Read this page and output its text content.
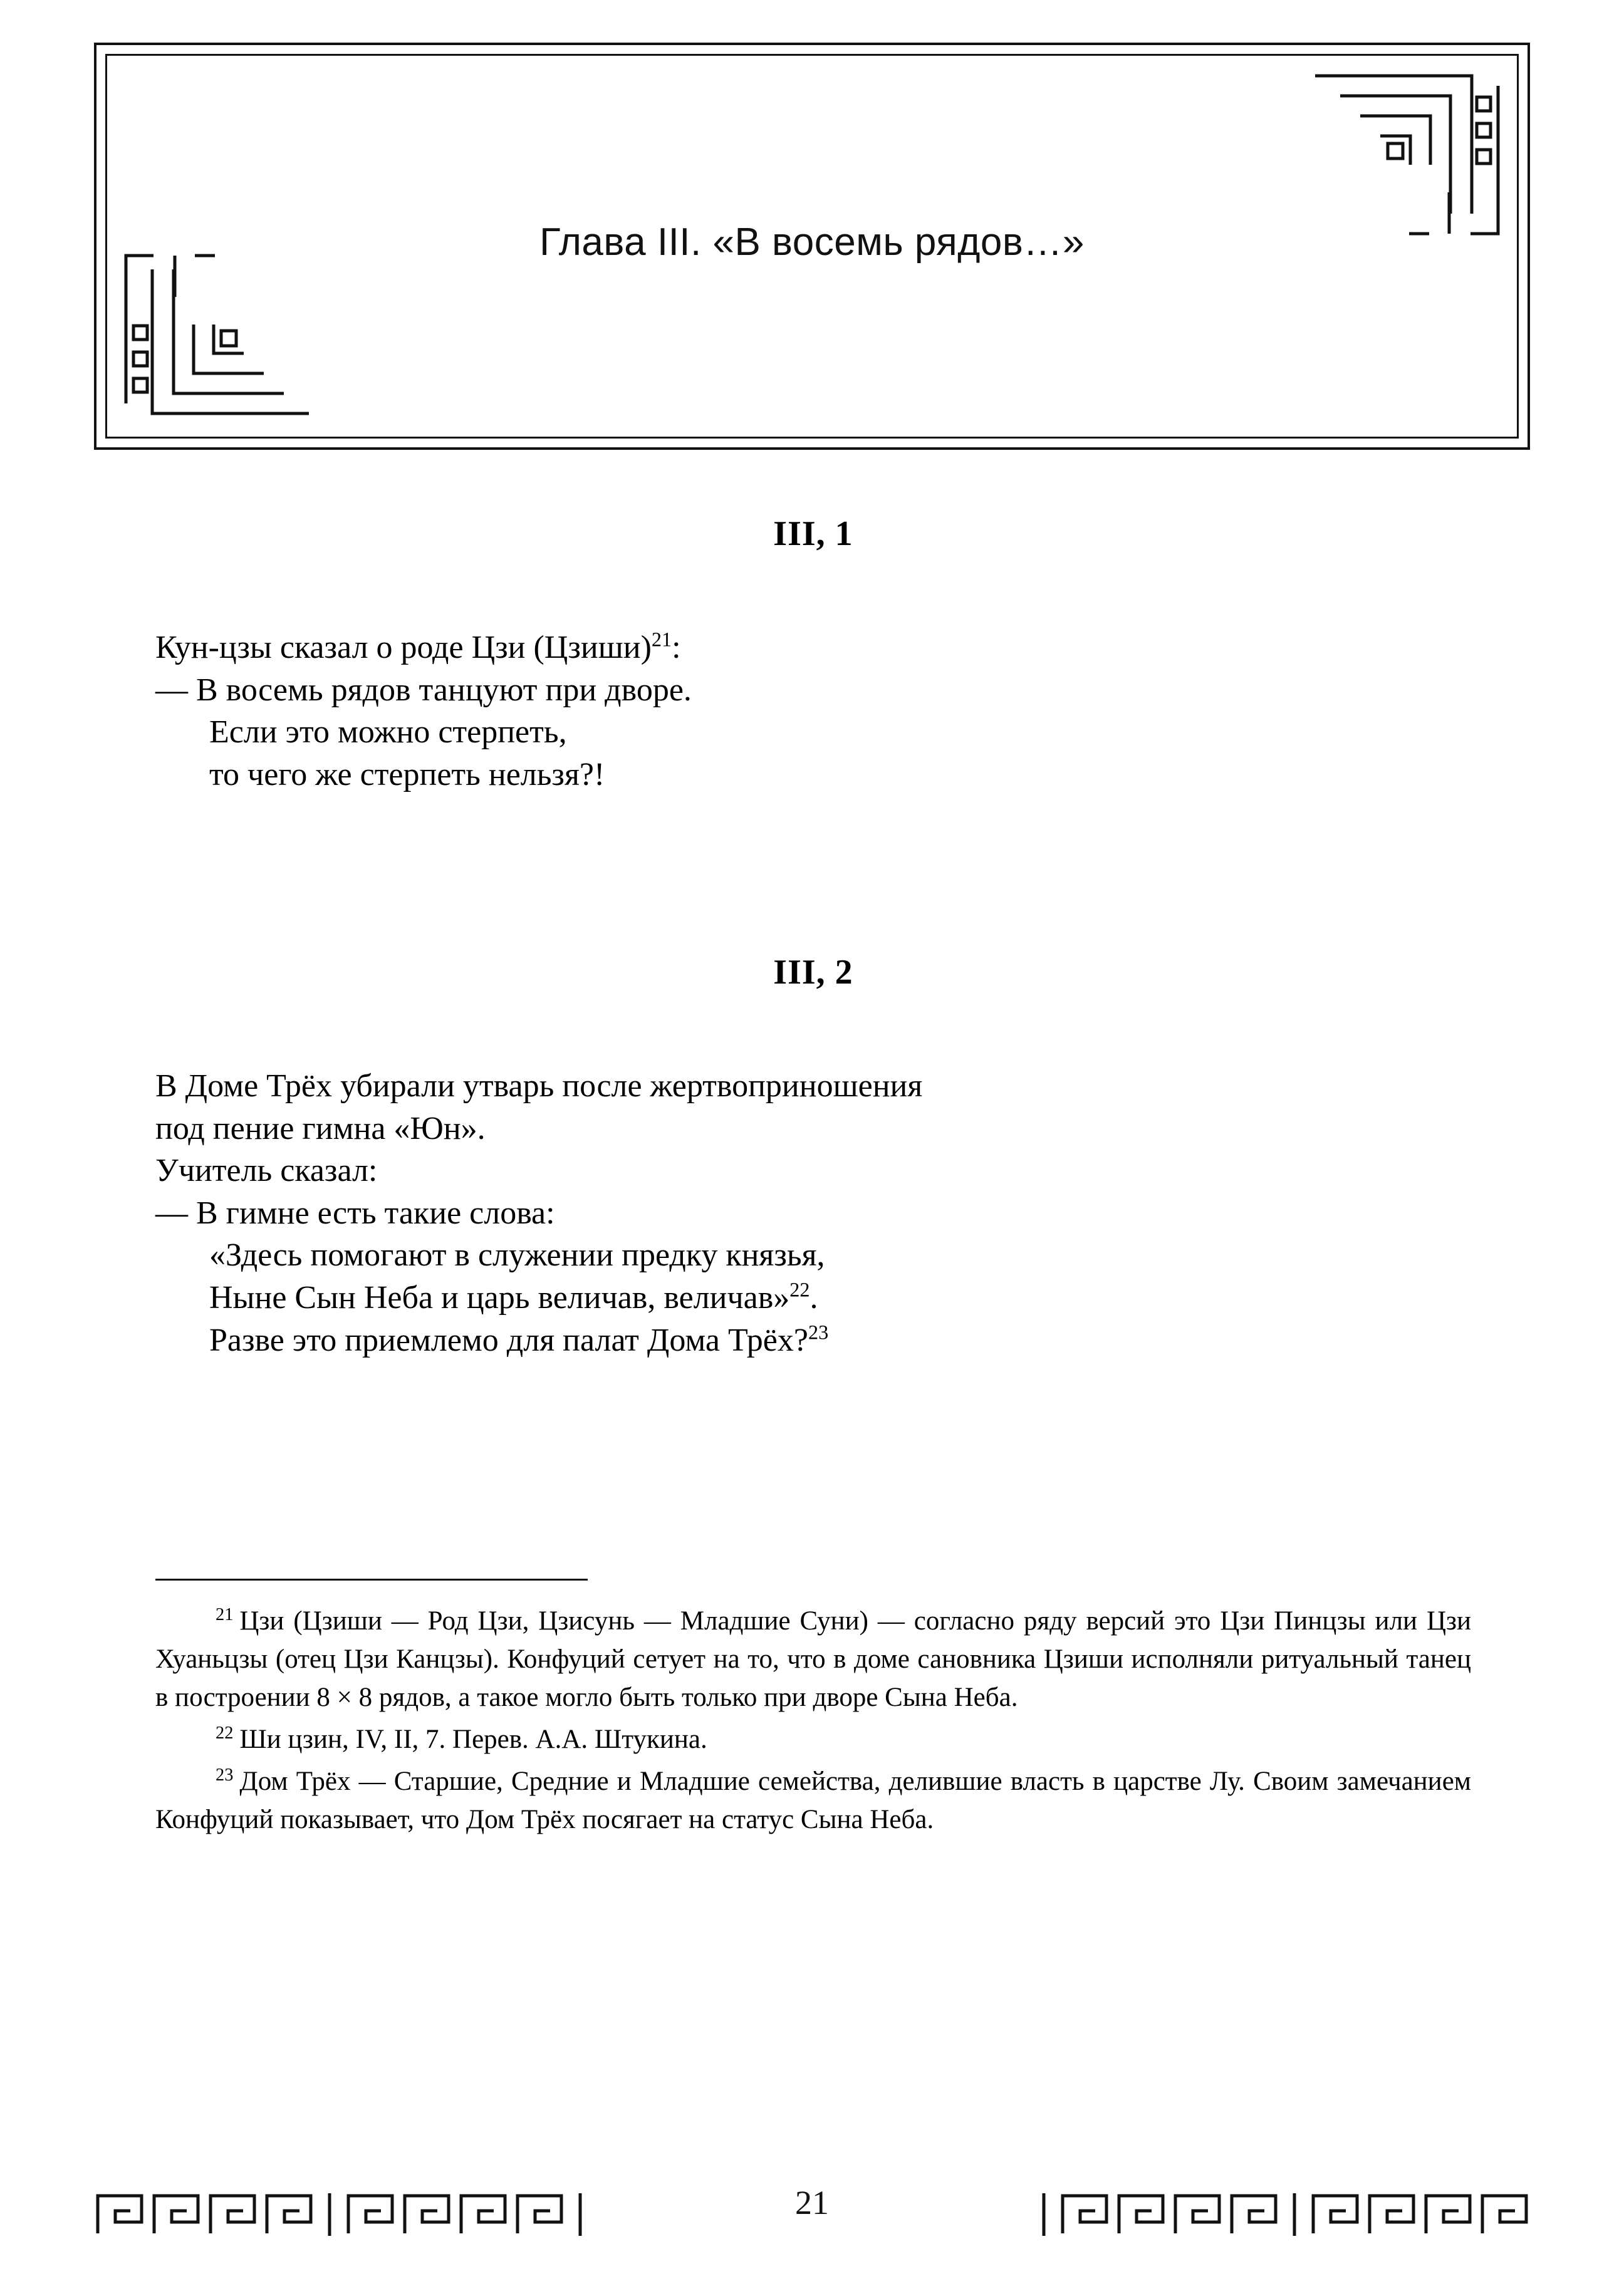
Глава III. «В восемь рядов…»
III, 1
Кун-цзы сказал о роде Цзи (Цзиши)$^{21}$:
— В восемь рядов танцуют при дворе.
Если это можно стерпеть,
то чего же стерпеть нельзя?!
III, 2
В Доме Трёх убирали утварь после жертвоприношения
под пение гимна «Юн».
Учитель сказал:
— В гимне есть такие слова:
«Здесь помогают в служении предку князья,
Ныне Сын Неба и царь величав, величав»$^{22}$.
Разве это приемлемо для палат Дома Трёх?$^{23}$
$^{21}$ Цзи (Цзиши — Род Цзи, Цзисунь — Младшие Суни) — согласно ряду версий это Цзи Пинцзы или Цзи Хуаньцзы (отец Цзи Канцзы). Конфуций сетует на то, что в доме сановника Цзиши исполняли ритуальный танец в построении 8 × 8 рядов, а такое могло быть только при дворе Сына Неба.
$^{22}$ Ши цзин, IV, II, 7. Перев. А.А. Штукина.
$^{23}$ Дом Трёх — Старшие, Средние и Младшие семейства, делившие власть в царстве Лу. Своим замечанием Конфуций показывает, что Дом Трёх посягает на статус Сына Неба.
21
